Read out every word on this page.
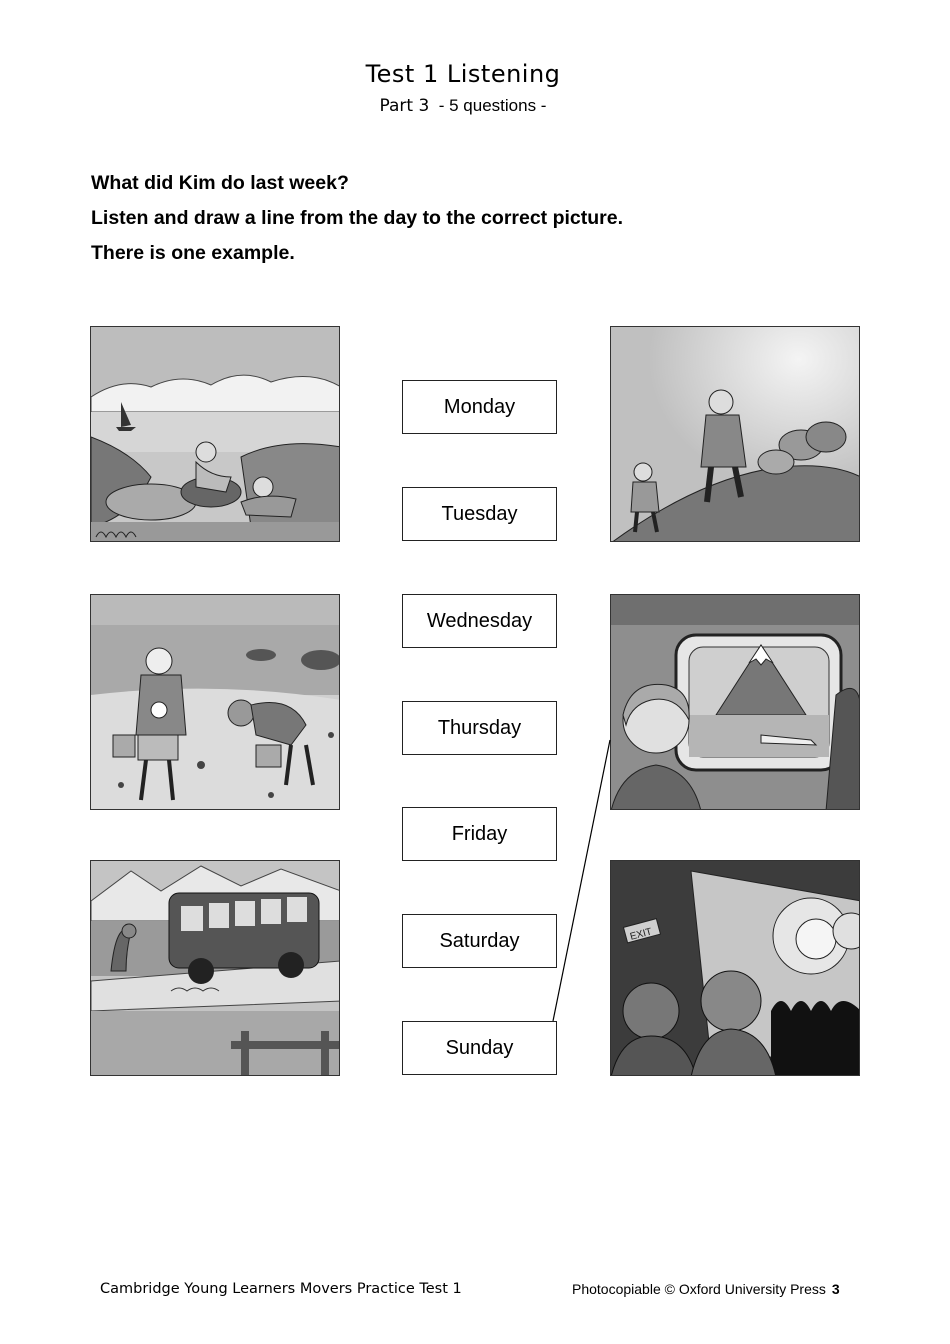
Test 1 Listening
Part 3 - 5 questions -

What did Kim do last week?

Listen and draw a line from the day to the correct picture.

There is one example.

EXIT
Monday
Tuesday
Wednesday
Thursday
Friday
Saturday
Sunday
Cambridge Young Learners Movers Practice Test 1	Photocopiable © Oxford University Press 3
